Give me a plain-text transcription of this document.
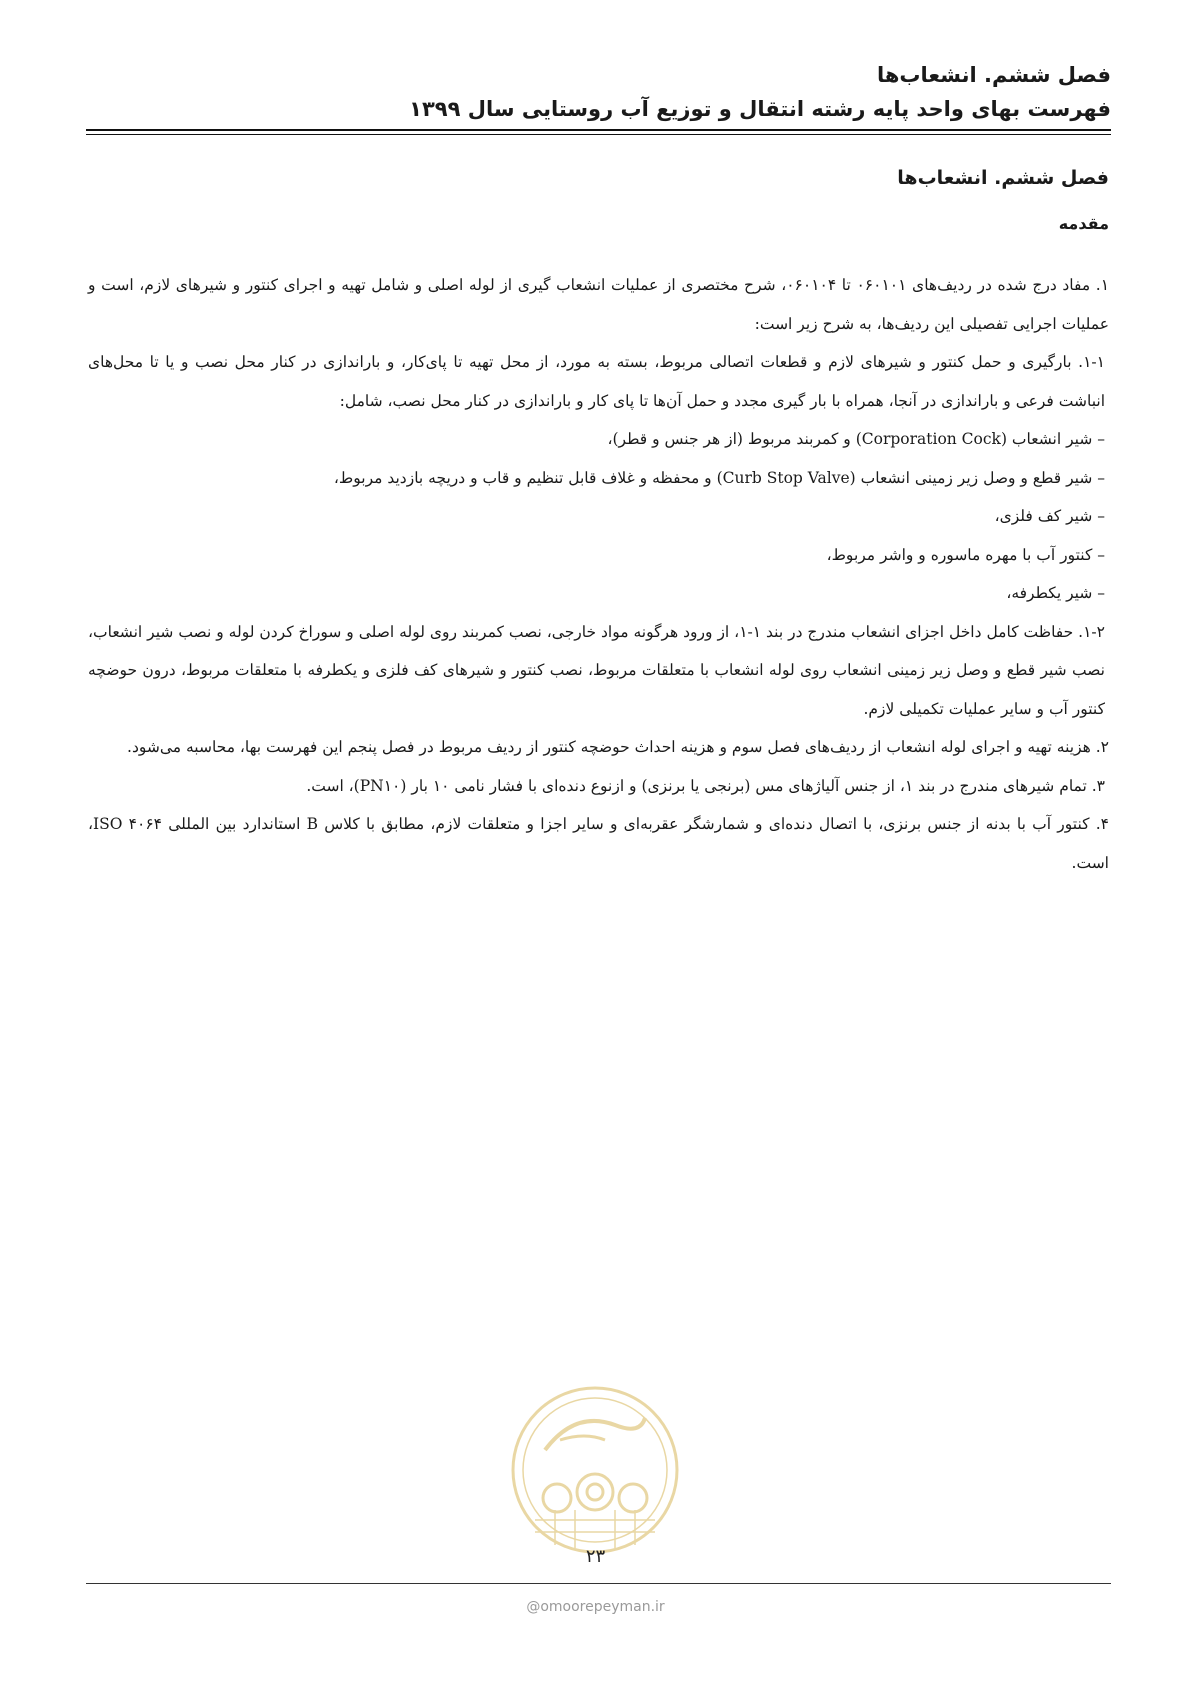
فصل ششم. انشعاب‌ها
فهرست بهای واحد پایه رشته انتقال و توزیع آب روستایی سال ۱۳۹۹
فصل ششم. انشعاب‌ها
مقدمه

۱. مفاد درج شده در ردیف‌های ۰۶۰۱۰۱ تا ۰۶۰۱۰۴، شرح مختصری از عملیات انشعاب گیری از لوله اصلی و شامل تهیه و اجرای کنتور و شیرهای لازم، است و عملیات اجرایی تفصیلی این ردیف‌ها، به شرح زیر است:

۱-۱. بارگیری و حمل کنتور و شیرهای لازم و قطعات اتصالی مربوط، بسته به مورد، از محل تهیه تا پای‌کار، و باراندازی در کنار محل نصب و یا تا محل‌های انباشت فرعی و باراندازی در آنجا، همراه با بار گیری مجدد و حمل آن‌ها تا پای کار و باراندازی در کنار محل نصب، شامل:

– شیر انشعاب (Corporation Cock) و کمربند مربوط (از هر جنس و قطر)،

– شیر قطع و وصل زیر زمینی انشعاب (Curb Stop Valve) و محفظه و غلاف قابل تنظیم و قاب و دریچه بازدید مربوط،

– شیر کف فلزی،

– کنتور آب با مهره ماسوره و واشر مربوط،

– شیر یکطرفه،

۱-۲. حفاظت کامل داخل اجزای انشعاب مندرج در بند ۱-۱، از ورود هرگونه مواد خارجی، نصب کمربند روی لوله اصلی و سوراخ کردن لوله و نصب شیر انشعاب، نصب شیر قطع و وصل زیر زمینی انشعاب روی لوله انشعاب با متعلقات مربوط، نصب کنتور و شیرهای کف فلزی و یکطرفه با متعلقات مربوط، درون حوضچه کنتور آب و سایر عملیات تکمیلی لازم.

۲. هزینه تهیه و اجرای لوله انشعاب از ردیف‌های فصل سوم و هزینه احداث حوضچه کنتور از ردیف مربوط در فصل پنجم این فهرست بها، محاسبه می‌شود.

۳. تمام شیرهای مندرج در بند ۱، از جنس آلیاژهای مس (برنجی یا برنزی) و ازنوع دنده‌ای با فشار نامی ۱۰ بار (PN۱۰)، است.

۴. کنتور آب با بدنه از جنس برنزی، با اتصال دنده‌ای و شمارشگر عقربه‌ای و سایر اجزا و متعلقات لازم، مطابق با کلاس B استاندارد بین المللی ISO ۴۰۶۴، است.

۲۳
@omoorepeyman.ir
